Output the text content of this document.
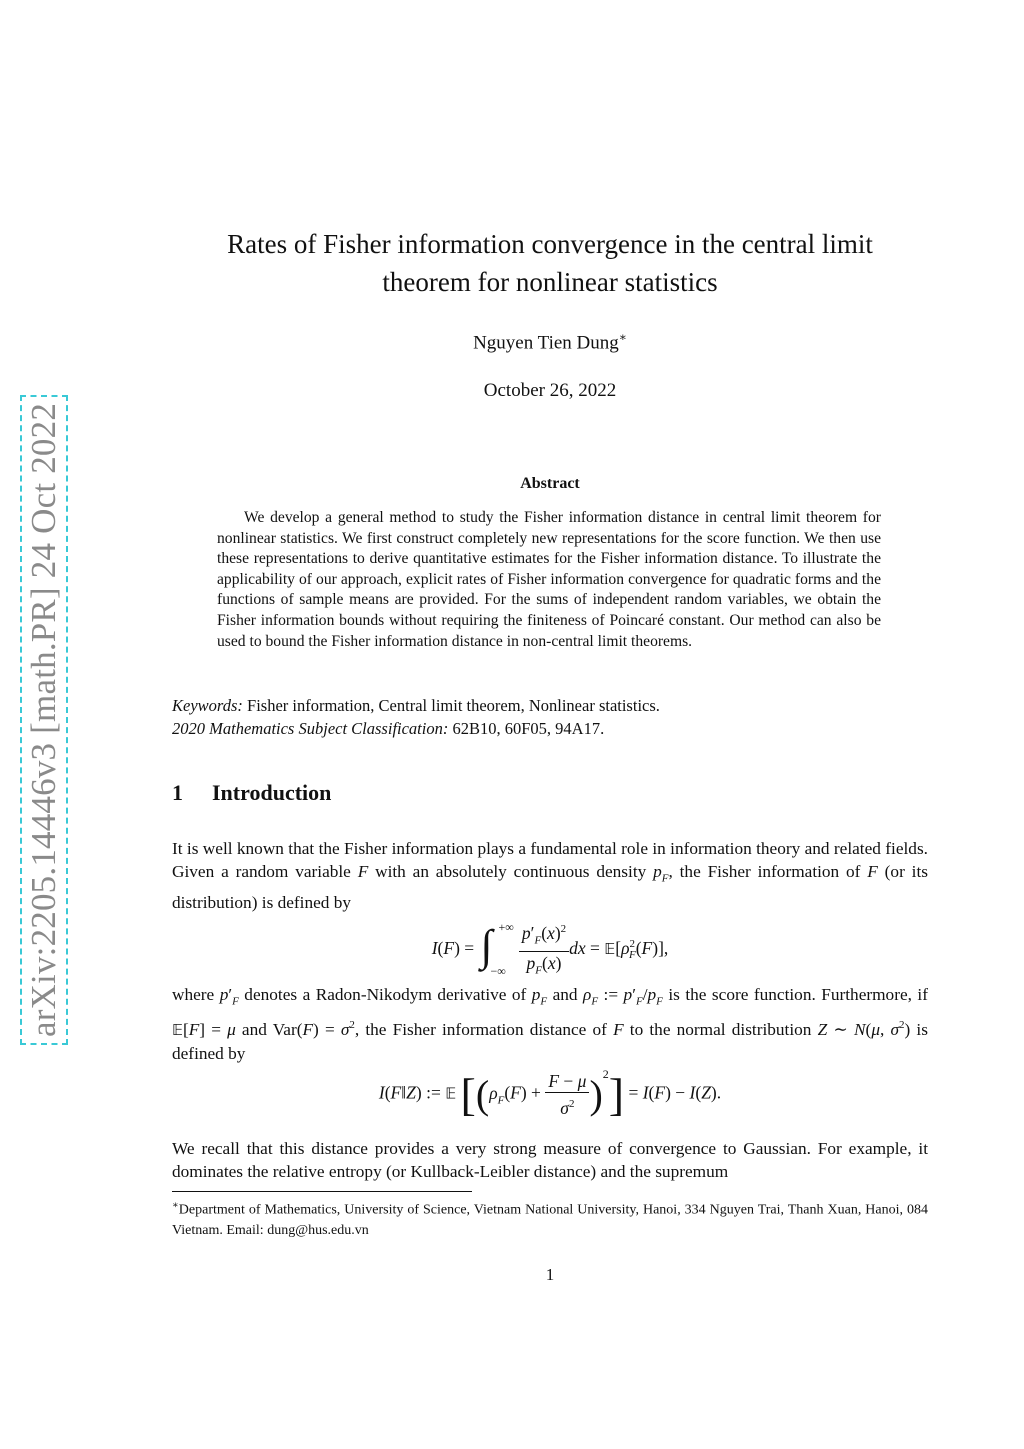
arXiv:2205.14446v3 [math.PR] 24 Oct 2022
Rates of Fisher information convergence in the central limit
theorem for nonlinear statistics
Nguyen Tien Dung∗
October 26, 2022
Abstract
We develop a general method to study the Fisher information distance in central limit theorem for nonlinear statistics. We first construct completely new representations for the score function. We then use these representations to derive quantitative estimates for the Fisher information distance. To illustrate the applicability of our approach, explicit rates of Fisher information convergence for quadratic forms and the functions of sample means are provided. For the sums of independent random variables, we obtain the Fisher information bounds without requiring the finiteness of Poincaré constant. Our method can also be used to bound the Fisher information distance in non-central limit theorems.
Keywords: Fisher information, Central limit theorem, Nonlinear statistics.
2020 Mathematics Subject Classification: 62B10, 60F05, 94A17.
1 Introduction
It is well known that the Fisher information plays a fundamental role in information theory and related fields. Given a random variable F with an absolutely continuous density $p_F$, the Fisher information of F (or its distribution) is defined by
I(F) = ∫ +∞
−∞
$\frac{p'_F(x)^2}{p_F(x)}$ dx = $𝔼[\rho^2_F(F)]$,
where $p'_F$ denotes a Radon-Nikodym derivative of $p_F$ and $\rho_F$ := $p'_F/p_F$ is the score function. Furthermore, if 𝔼[F] = μ and $Var(F) = \sigma^2$, the Fisher information distance of F to the normal distribution Z ∼ N(μ, $\sigma^2$) is defined by
I(F‖Z) := 𝔼 $[(\rho_F(F) + \frac{F - \mu}{\sigma^2} )^2] = I(F) - I(Z)$.
We recall that this distance provides a very strong measure of convergence to Gaussian. For example, it dominates the relative entropy (or Kullback-Leibler distance) and the supremum
∗Department of Mathematics, University of Science, Vietnam National University, Hanoi, 334 Nguyen Trai, Thanh Xuan, Hanoi, 084 Vietnam. Email: dung@hus.edu.vn
1
